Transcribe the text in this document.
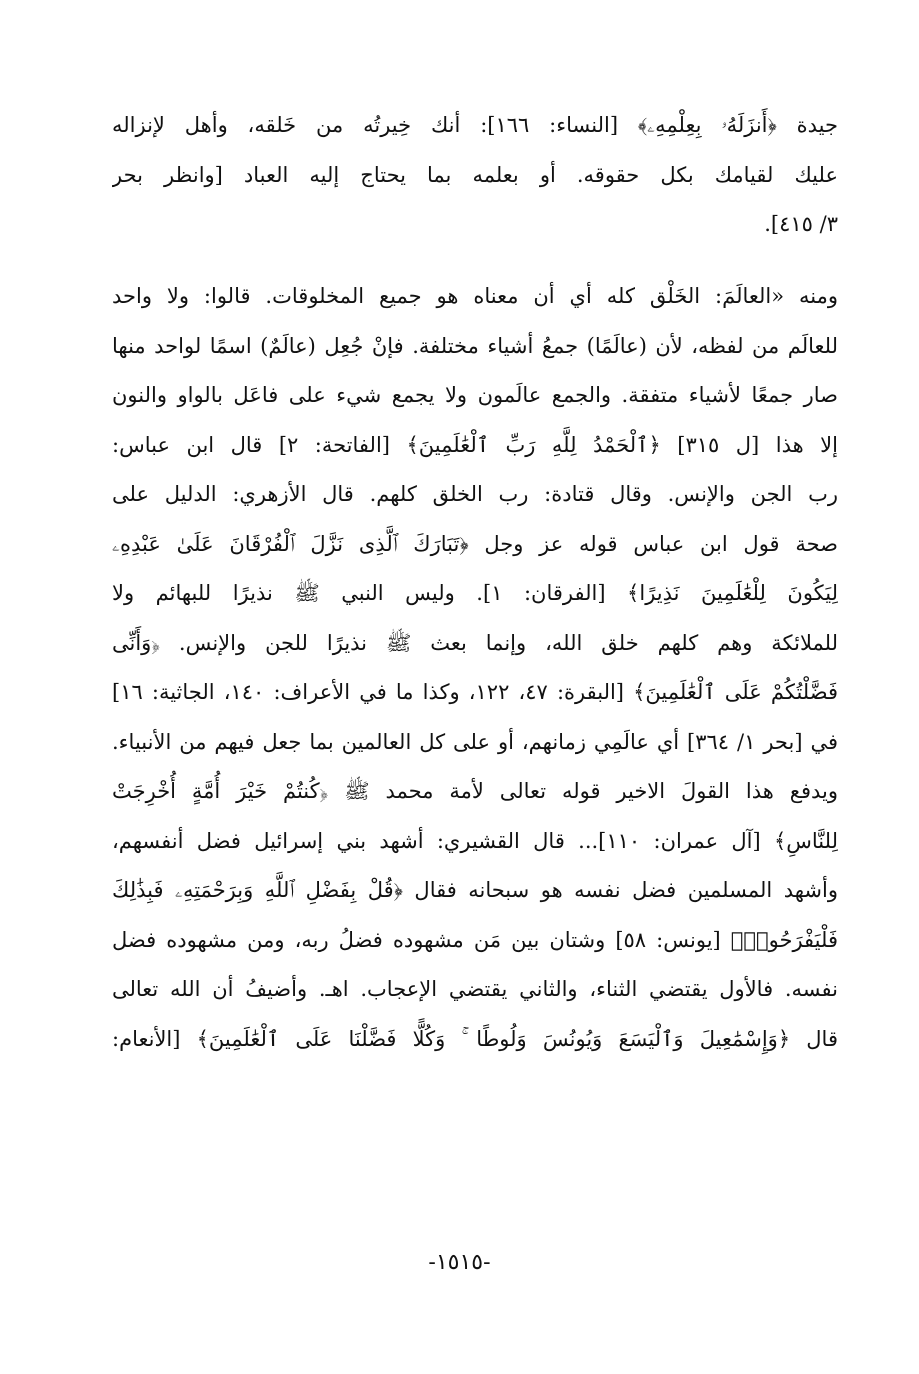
جيدة ﴿أَنزَلَهُۥ بِعِلْمِهِۦ﴾ [النساء: ١٦٦]: أنك خِيرتُه من خَلقه، وأهل لإنزاله
عليك لقيامك بكل حقوقه. أو بعلمه بما يحتاج إليه العباد [وانظر بحر
٣/ ٤١٥].
ومنه «العالَمَ: الخَلْق كله أي أن معناه هو جميع المخلوقات. قالوا: ولا واحد
للعالَم من لفظه، لأن (عالَمًا) جمعُ أشياء مختلفة. فإنْ جُعِل (عالَمٌ) اسمًا لواحد منها
صار جمعًا لأشياء متفقة. والجمع عالَمون ولا يجمع شيء على فاعَل بالواو والنون
إلا هذا [ل ٣١٥] ﴿ٱلْحَمْدُ لِلَّهِ رَبِّ ٱلْعَٰلَمِينَ﴾ [الفاتحة: ٢] قال ابن عباس:
رب الجن والإنس. وقال قتادة: رب الخلق كلهم. قال الأزهري: الدليل على
صحة قول ابن عباس قوله عز وجل ﴿تَبَارَكَ ٱلَّذِى نَزَّلَ ٱلْفُرْقَانَ عَلَىٰ عَبْدِهِۦ
لِيَكُونَ لِلْعَٰلَمِينَ نَذِيرًا﴾ [الفرقان: ١]. وليس النبي ﷺ نذيرًا للبهائم ولا
للملائكة وهم كلهم خلق الله، وإنما بعث ﷺ نذيرًا للجن والإنس. ﴿وَأَنِّى
فَضَّلْتُكُمْ عَلَى ٱلْعَٰلَمِينَ﴾ [البقرة: ٤٧، ١٢٢، وكذا ما في الأعراف: ١٤٠، الجاثية: ١٦]
في [بحر ١/ ٣٦٤] أي عالَمِي زمانهم، أو على كل العالمين بما جعل فيهم من الأنبياء.
ويدفع هذا القولَ الاخير قوله تعالى لأمة محمد ﷺ ﴿كُنتُمْ خَيْرَ أُمَّةٍ أُخْرِجَتْ
لِلنَّاسِ﴾ [آل عمران: ١١٠]... قال القشيري: أشهد بني إسرائيل فضل أنفسهم،
وأشهد المسلمين فضل نفسه هو سبحانه فقال ﴿قُلْ بِفَضْلِ ٱللَّهِ وَبِرَحْمَتِهِۦ فَبِذَٰلِكَ
فَلْيَفْرَحُوا۟﴾ [يونس: ٥٨] وشتان بين مَن مشهوده فضلُ ربه، ومن مشهوده فضل
نفسه. فالأول يقتضي الثناء، والثاني يقتضي الإعجاب. اهـ. وأضيفُ أن الله تعالى
قال ﴿وَإِسْمَٰعِيلَ وَٱلْيَسَعَ وَيُونُسَ وَلُوطًا ۚ وَكُلًّا فَضَّلْنَا عَلَى ٱلْعَٰلَمِينَ﴾ [الأنعام:
-١٥١٥-
